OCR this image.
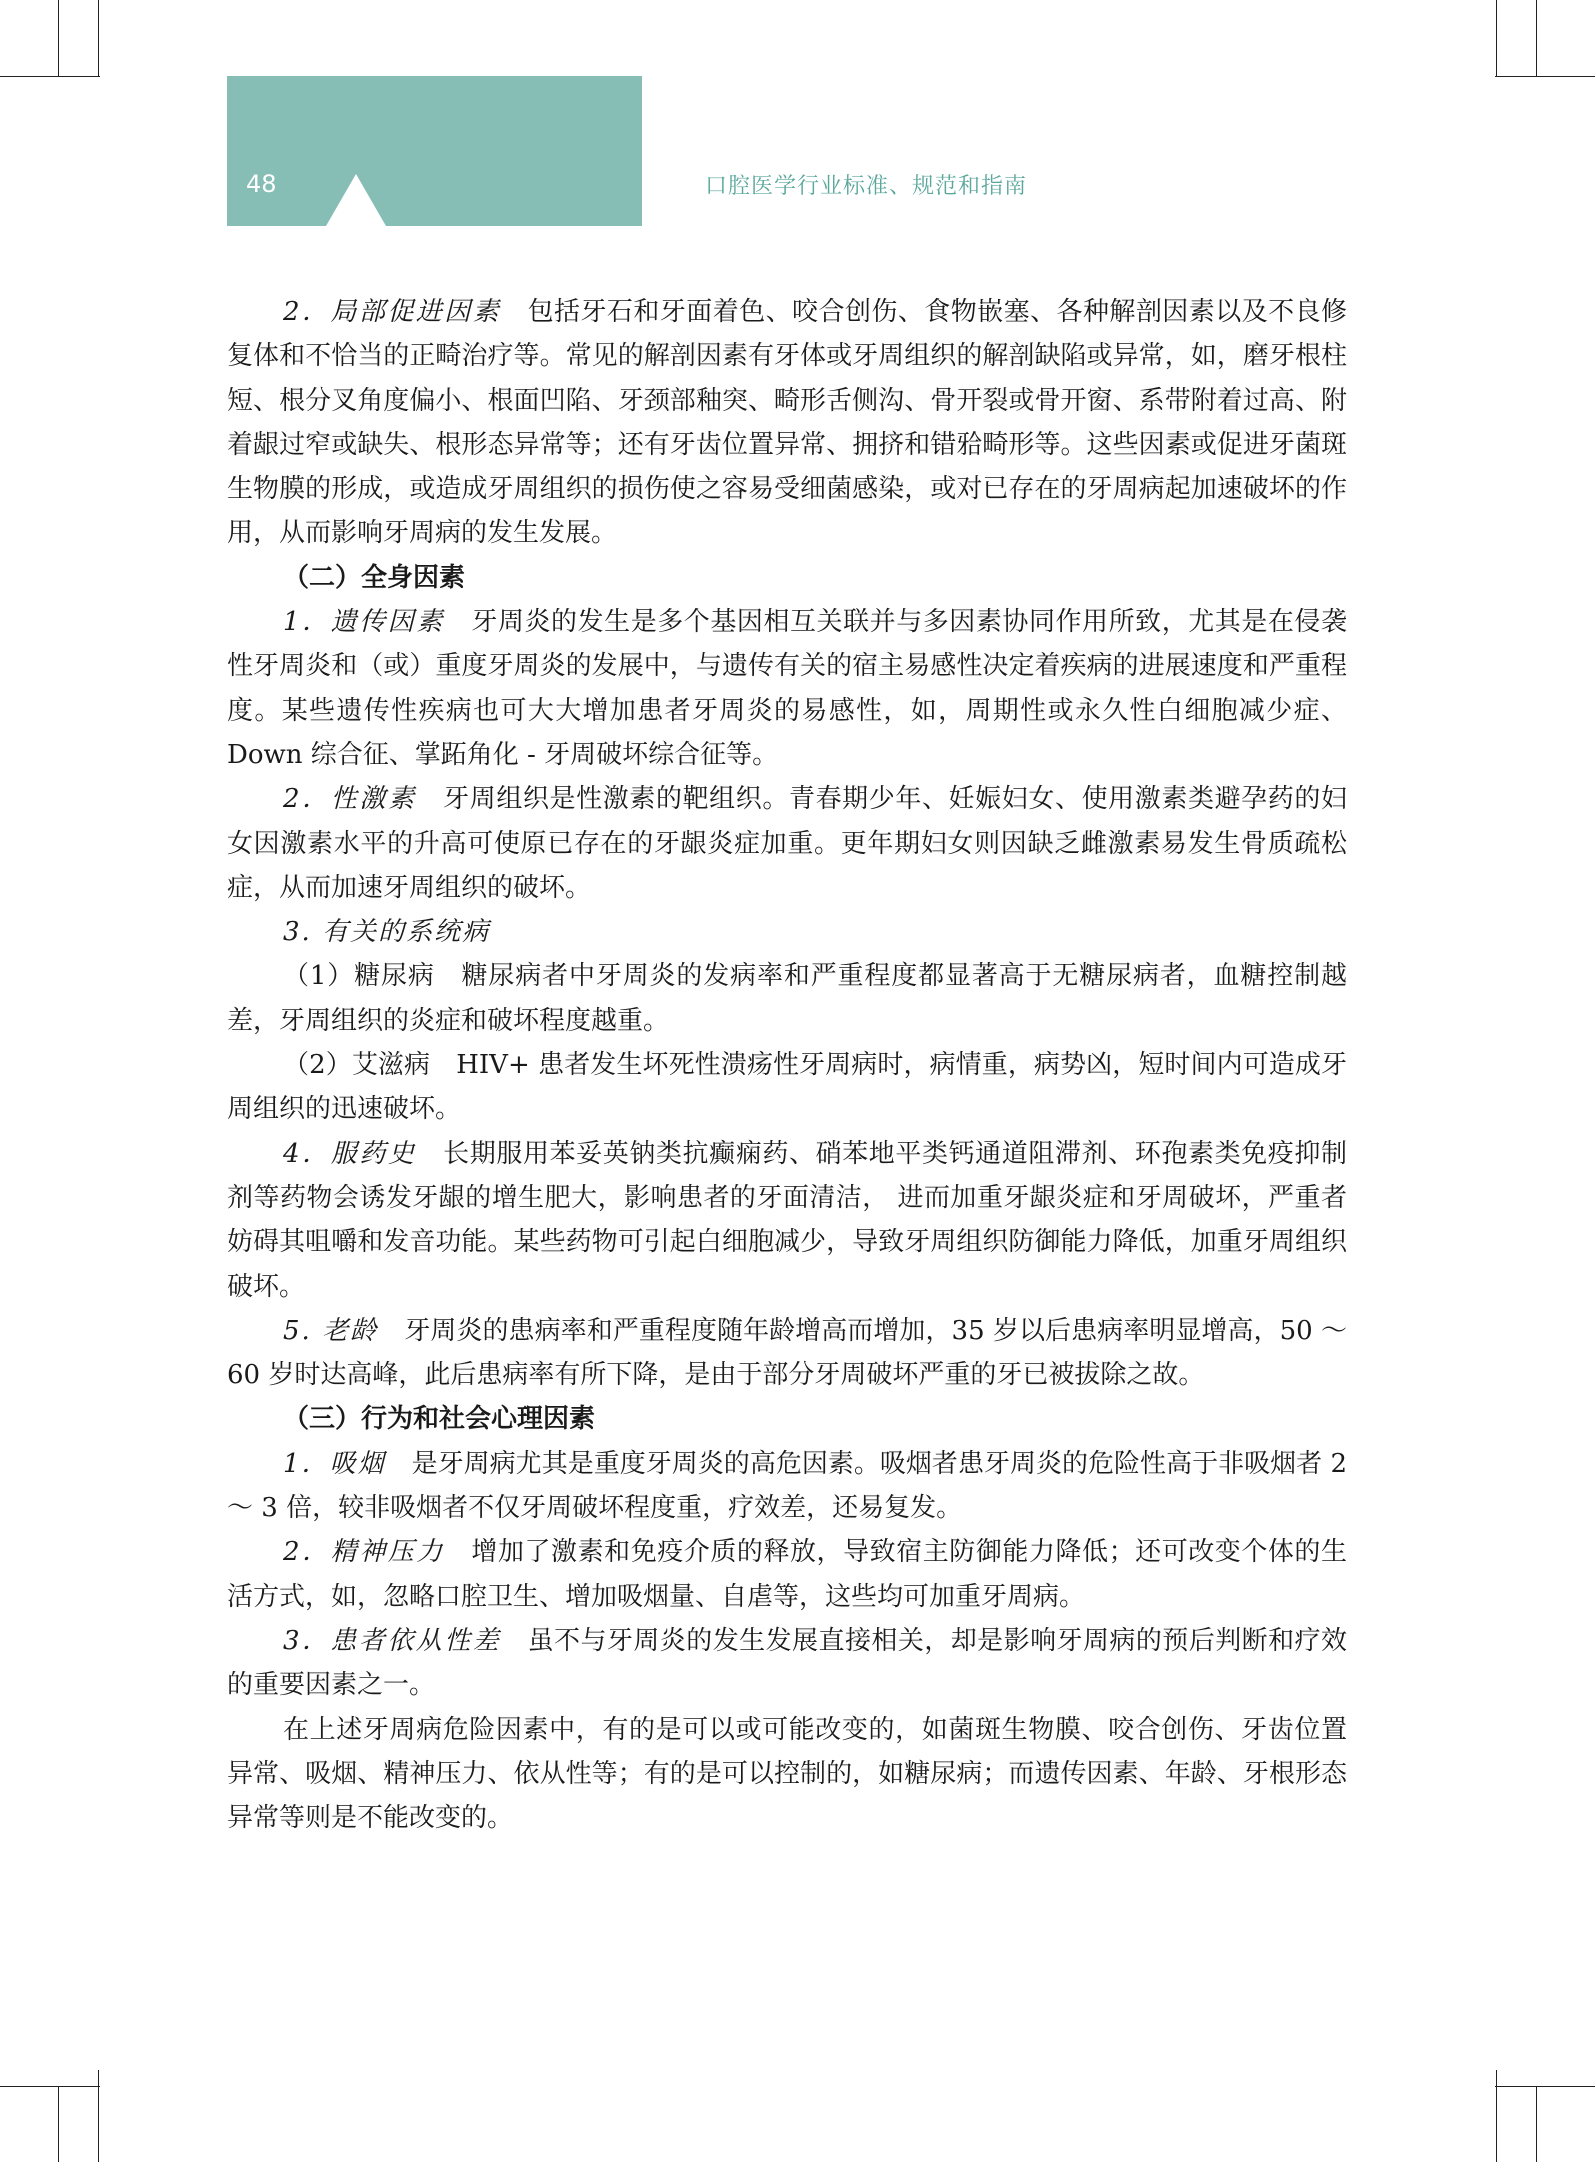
48	口腔医学行业标准、规范和指南

2．局部促进因素　 包括牙石和牙面着色、咬合创伤、食物嵌塞、各种解剖因素以及不良修复体和不恰当的正畸治疗等。常见的解剖因素有牙体或牙周组织的解剖缺陷或异常，如，磨牙根柱短、根分叉角度偏小、根面凹陷、牙颈部釉突、畸形舌侧沟、骨开裂或骨开窗、系带附着过高、附着龈过窄或缺失、根形态异常等；还有牙齿位置异常、拥挤和错𬌗畸形等。这些因素或促进牙菌斑生物膜的形成，或造成牙周组织的损伤使之容易受细菌感染，或对已存在的牙周病起加速破坏的作用，从而影响牙周病的发生发展。

（二）全身因素

1．遗传因素　 牙周炎的发生是多个基因相互关联并与多因素协同作用所致，尤其是在侵袭性牙周炎和（或）重度牙周炎的发展中，与遗传有关的宿主易感性决定着疾病的进展速度和严重程度。某些遗传性疾病也可大大增加患者牙周炎的易感性，如，周期性或永久性白细胞减少症、Down 综合征、掌跖角化 - 牙周破坏综合征等。

2．性激素　 牙周组织是性激素的靶组织。青春期少年、妊娠妇女、使用激素类避孕药的妇女因激素水平的升高可使原已存在的牙龈炎症加重。更年期妇女则因缺乏雌激素易发生骨质疏松症，从而加速牙周组织的破坏。

3. 有关的系统病

（1）糖尿病　 糖尿病者中牙周炎的发病率和严重程度都显著高于无糖尿病者，血糖控制越差，牙周组织的炎症和破坏程度越重。

（2）艾滋病　 HIV+ 患者发生坏死性溃疡性牙周病时，病情重，病势凶，短时间内可造成牙周组织的迅速破坏。

4．服药史　 长期服用苯妥英钠类抗癫痫药、硝苯地平类钙通道阻滞剂、环孢素类免疫抑制剂等药物会诱发牙龈的增生肥大，影响患者的牙面清洁， 进而加重牙龈炎症和牙周破坏，严重者妨碍其咀嚼和发音功能。某些药物可引起白细胞减少，导致牙周组织防御能力降低，加重牙周组织破坏。

5. 老龄　 牙周炎的患病率和严重程度随年龄增高而增加，35 岁以后患病率明显增高，50 ～ 60 岁时达高峰，此后患病率有所下降，是由于部分牙周破坏严重的牙已被拔除之故。

（三）行为和社会心理因素

1．吸烟　 是牙周病尤其是重度牙周炎的高危因素。吸烟者患牙周炎的危险性高于非吸烟者 2 ～ 3 倍，较非吸烟者不仅牙周破坏程度重，疗效差，还易复发。

2．精神压力　 增加了激素和免疫介质的释放，导致宿主防御能力降低；还可改变个体的生活方式，如，忽略口腔卫生、增加吸烟量、自虐等，这些均可加重牙周病。

3．患者依从性差　 虽不与牙周炎的发生发展直接相关，却是影响牙周病的预后判断和疗效的重要因素之一。

在上述牙周病危险因素中，有的是可以或可能改变的，如菌斑生物膜、咬合创伤、牙齿位置异常、吸烟、精神压力、依从性等；有的是可以控制的，如糖尿病；而遗传因素、年龄、牙根形态异常等则是不能改变的。
